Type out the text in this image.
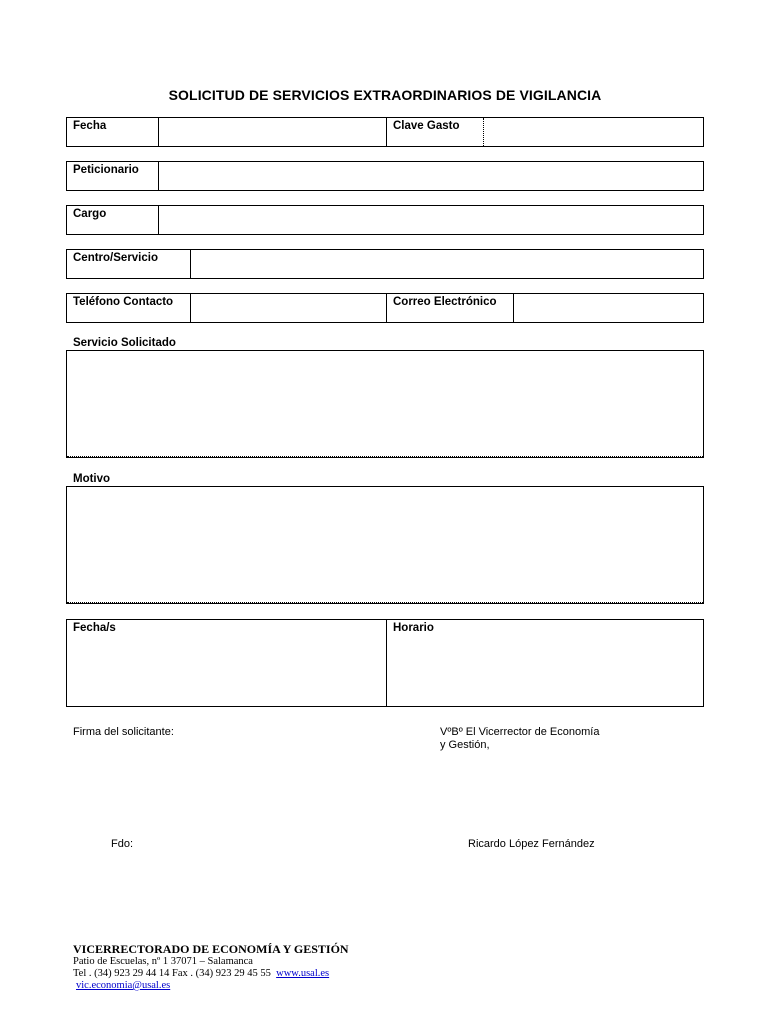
SOLICITUD DE SERVICIOS EXTRAORDINARIOS DE VIGILANCIA
Fecha	Clave Gasto
Peticionario
Cargo
Centro/Servicio
Teléfono Contacto	Correo Electrónico
Servicio Solicitado
Motivo
Fecha/s	Horario
Firma del solicitante:	VºBº El Vicerrector de Economía
y Gestión,
Fdo:	Ricardo López Fernández
VICERRECTORADO DE ECONOMÍA Y GESTIÓN
Patio de Escuelas, nº 1 37071 – Salamanca
Tel . (34) 923 29 44 14 Fax . (34) 923 29 45 55 www.usal.es
vic.economia@usal.es
